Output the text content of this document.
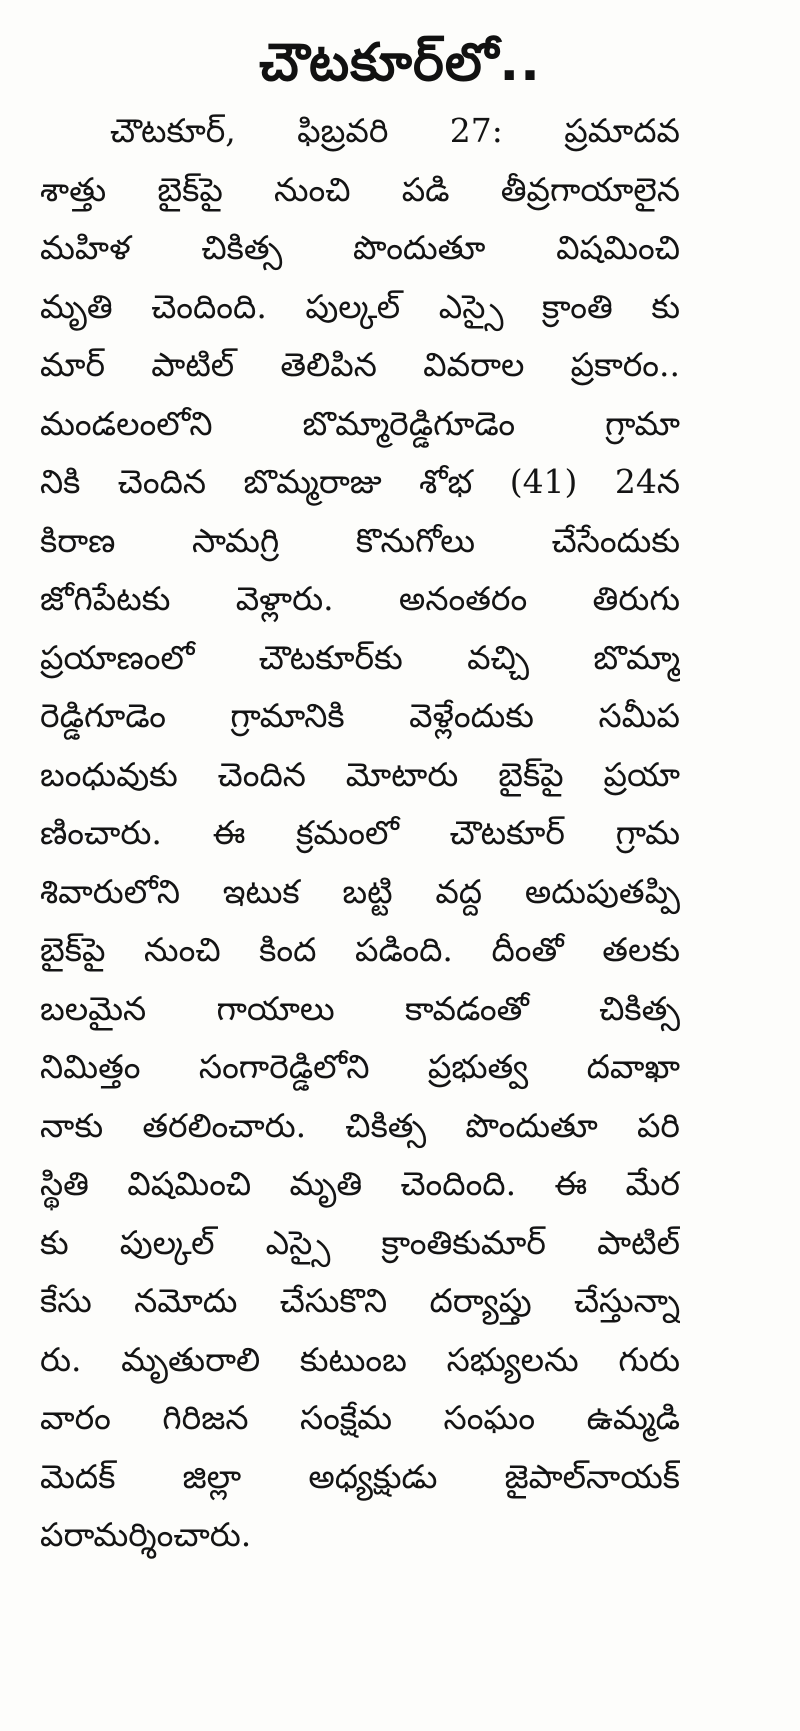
చౌటకూర్‌లో..
చౌటకూర్‌, ఫిబ్రవరి 27: ప్రమాదవ
శాత్తు బైక్‌పై నుంచి పడి తీవ్రగాయాలైన
మహిళ చికిత్స పొందుతూ విషమించి
మృతి చెందింది. పుల్కల్‌ ఎస్సై క్రాంతి కు
మార్‌ పాటిల్‌ తెలిపిన వివరాల ప్రకారం..
మండలంలోని బొమ్మారెడ్డిగూడెం గ్రామా
నికి చెందిన బొమ్మరాజు శోభ (41) 24న
కిరాణ సామగ్రి కొనుగోలు చేసేందుకు
జోగిపేటకు వెళ్లారు. అనంతరం తిరుగు
ప్రయాణంలో చౌటకూర్‌కు వచ్చి బొమ్మా
రెడ్డిగూడెం గ్రామానికి వెళ్లేందుకు సమీప
బంధువుకు చెందిన మోటారు బైక్‌పై ప్రయా
ణించారు. ఈ క్రమంలో చౌటకూర్‌ గ్రామ
శివారులోని ఇటుక బట్టి వద్ద అదుపుతప్పి
బైక్‌పై నుంచి కింద పడింది. దీంతో తలకు
బలమైన గాయాలు కావడంతో చికిత్స
నిమిత్తం సంగారెడ్డిలోని ప్రభుత్వ దవాఖా
నాకు తరలించారు. చికిత్స పొందుతూ పరి
స్థితి విషమించి మృతి చెందింది. ఈ మేర
కు పుల్కల్‌ ఎస్సై క్రాంతికుమార్‌ పాటిల్‌
కేసు నమోదు చేసుకొని దర్యాప్తు చేస్తున్నా
రు. మృతురాలి కుటుంబ సభ్యులను గురు
వారం గిరిజన సంక్షేమ సంఘం ఉమ్మడి
మెదక్‌ జిల్లా అధ్యక్షుడు జైపాల్‌నాయక్‌
పరామర్శించారు.
